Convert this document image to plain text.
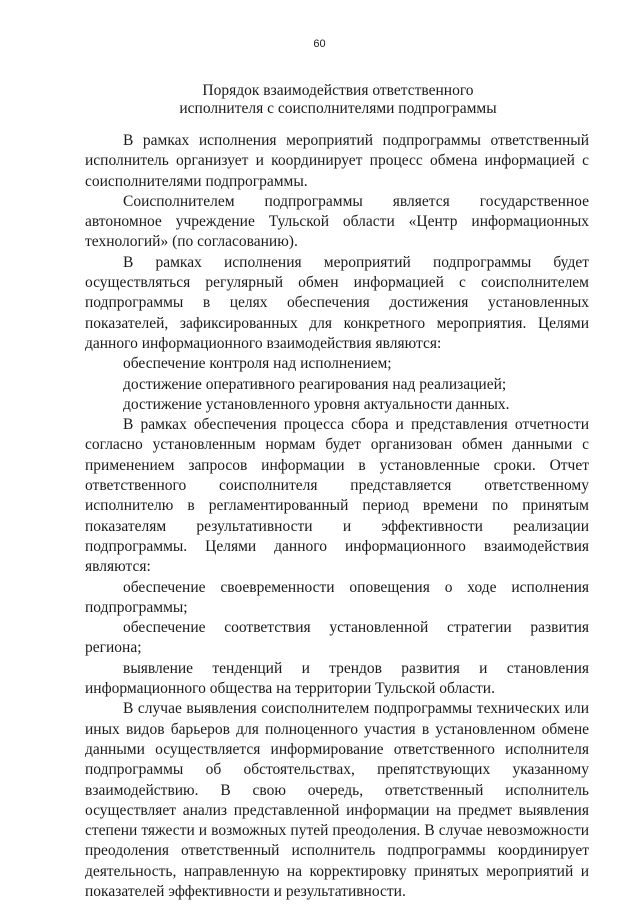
60
Порядок взаимодействия ответственного
исполнителя с соисполнителями подпрограммы

В рамках исполнения мероприятий подпрограммы ответственный исполнитель организует и координирует процесс обмена информацией с соисполнителями подпрограммы.

Соисполнителем подпрограммы является государственное автономное учреждение Тульской области «Центр информационных технологий» (по согласованию).

В рамках исполнения мероприятий подпрограммы будет осуществляться регулярный обмен информацией с соисполнителем подпрограммы в целях обеспечения достижения установленных показателей, зафиксированных для конкретного мероприятия. Целями данного информационного взаимодействия являются:

обеспечение контроля над исполнением;

достижение оперативного реагирования над реализацией;

достижение установленного уровня актуальности данных.

В рамках обеспечения процесса сбора и представления отчетности согласно установленным нормам будет организован обмен данными с применением запросов информации в установленные сроки. Отчет ответственного соисполнителя представляется ответственному исполнителю в регламентированный период времени по принятым показателям результативности и эффективности реализации подпрограммы. Целями данного информационного взаимодействия являются:

обеспечение своевременности оповещения о ходе исполнения подпрограммы;

обеспечение соответствия установленной стратегии развития региона;

выявление тенденций и трендов развития и становления информационного общества на территории Тульской области.

В случае выявления соисполнителем подпрограммы технических или иных видов барьеров для полноценного участия в установленном обмене данными осуществляется информирование ответственного исполнителя подпрограммы об обстоятельствах, препятствующих указанному взаимодействию. В свою очередь, ответственный исполнитель осуществляет анализ представленной информации на предмет выявления степени тяжести и возможных путей преодоления. В случае невозможности преодоления ответственный исполнитель подпрограммы координирует деятельность, направленную на корректировку принятых мероприятий и показателей эффективности и результативности.
